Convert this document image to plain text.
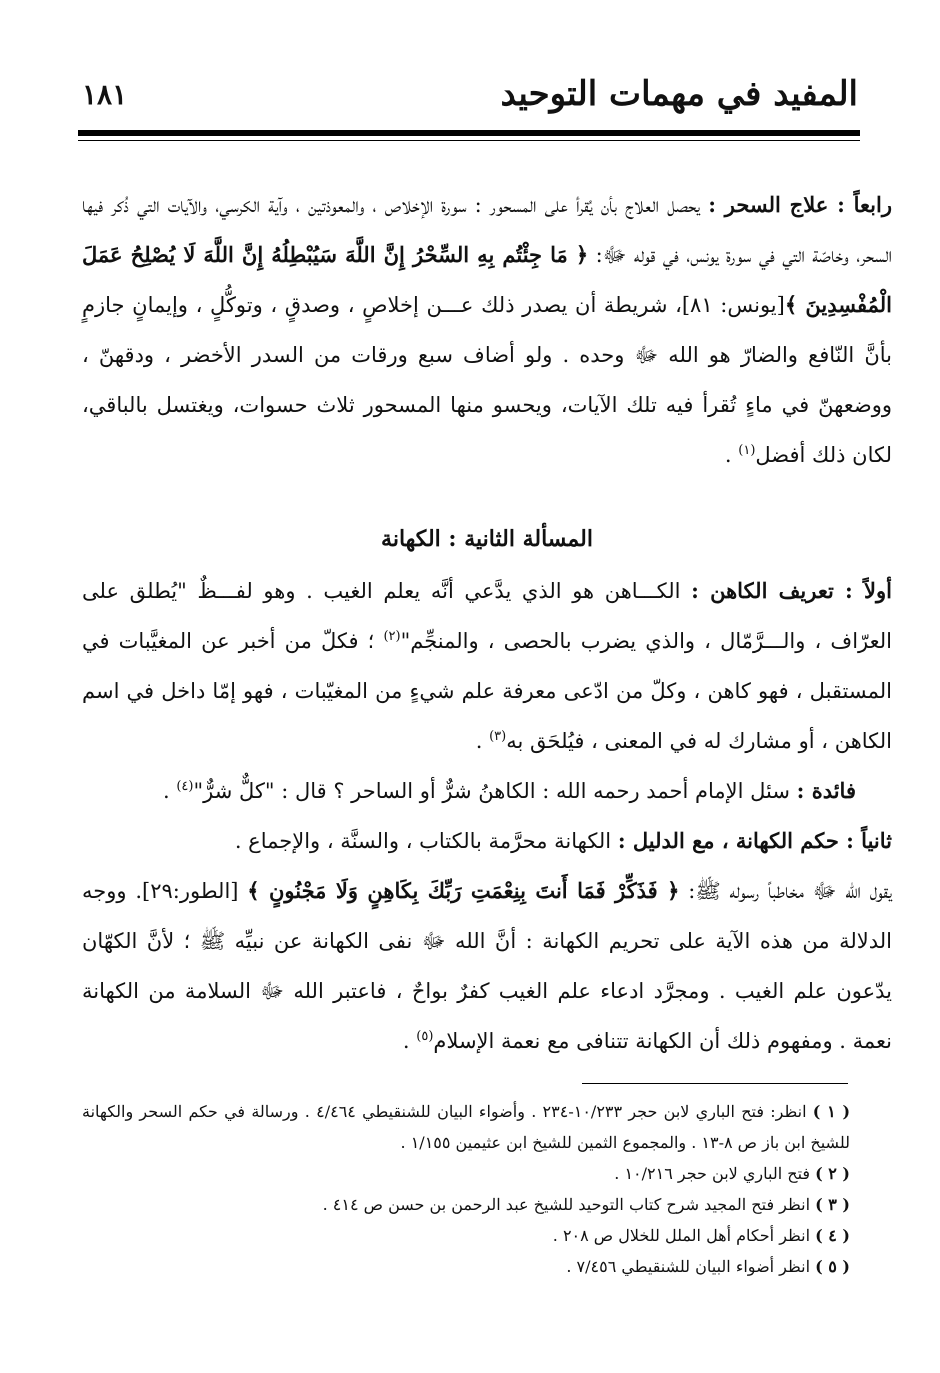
المفيد في مهمات التوحيد
١٨١

رابعاً : علاج السحر : يحصل العلاج بأن يُقرأ على المسحور : سورة الإخلاص ، والمعوذتين ، وآية الكرسي، والآيات التي ذُكر فيها السحر، وخاصّة التي في سورة يونس، في قوله ﷻ: ﴿ مَا جِئْتُم بِهِ السِّحْرُ إِنَّ اللَّهَ سَيُبْطِلُهُ إِنَّ اللَّهَ لَا يُصْلِحُ عَمَلَ الْمُفْسِدِينَ ﴾[يونس: ٨١]، شريطة أن يصدر ذلك عـــن إخلاصٍ ، وصدقٍ ، وتوكُّلٍ ، وإيمانٍ جازمٍ بأنَّ النّافع والضارّ هو الله ﷻ وحده . ولو أضاف سبع ورقات من السدر الأخضر ، ودقهنّ ، ووضعهنّ في ماءٍ تُقرأ فيه تلك الآيات، ويحسو منها المسحور ثلاث حسوات، ويغتسل بالباقي، لكان ذلك أفضل$^{(١)}$ .

المسألة الثانية : الكهانة

أولاً : تعريف الكاهن : الكـــاهن هو الذي يدَّعي أنَّه يعلم الغيب . وهو لفـــظٌ "يُطلق على العرّاف ، والـــرَّمّال ، والذي يضرب بالحصى ، والمنجِّم"$^{(٢)}$ ؛ فكلّ من أخبر عن المغيَّبات في المستقبل ، فهو كاهن ، وكلّ من ادّعى معرفة علم شيءٍ من المغيّبات ، فهو إمّا داخل في اسم الكاهن ، أو مشارك له في المعنى ، فيُلحَق به$^{(٣)}$ .

فائدة : سئل الإمام أحمد رحمه الله : الكاهنُ شرٌّ أو الساحر ؟ قال : "كلٌّ شرٌّ"$^{(٤)}$ .

ثانياً : حكم الكهانة ، مع الدليل : الكهانة محرَّمة بالكتاب ، والسنَّة ، والإجماع .

يقول الله ﷻ مخاطباً رسوله ﷺ: ﴿ فَذَكِّرْ فَمَا أَنتَ بِنِعْمَتِ رَبِّكَ بِكَاهِنٍ وَلَا مَجْنُونٍ ﴾ [الطور:٢٩]. ووجه الدلالة من هذه الآية على تحريم الكهانة : أنَّ الله ﷻ نفى الكهانة عن نبيِّه ﷺ ؛ لأنَّ الكهّان يدّعون علم الغيب . ومجرَّد ادعاء علم الغيب كفرٌ بواحٌ ، فاعتبر الله ﷻ السلامة من الكهانة نعمة . ومفهوم ذلك أن الكهانة تتنافى مع نعمة الإسلام$^{(٥)}$ .

( ١ ) انظر: فتح الباري لابن حجر ١٠/٢٣٣-٢٣٤ . وأضواء البيان للشنقيطي ٤/٤٦٤ . ورسالة في حكم السحر والكهانة للشيخ ابن باز ص ٨-١٣ . والمجموع الثمين للشيخ ابن عثيمين ١/١٥٥ .

( ٢ ) فتح الباري لابن حجر ١٠/٢١٦ .

( ٣ ) انظر فتح المجيد شرح كتاب التوحيد للشيخ عبد الرحمن بن حسن ص ٤١٤ .

( ٤ ) انظر أحكام أهل الملل للخلال ص ٢٠٨ .

( ٥ ) انظر أضواء البيان للشنقيطي ٧/٤٥٦ .
